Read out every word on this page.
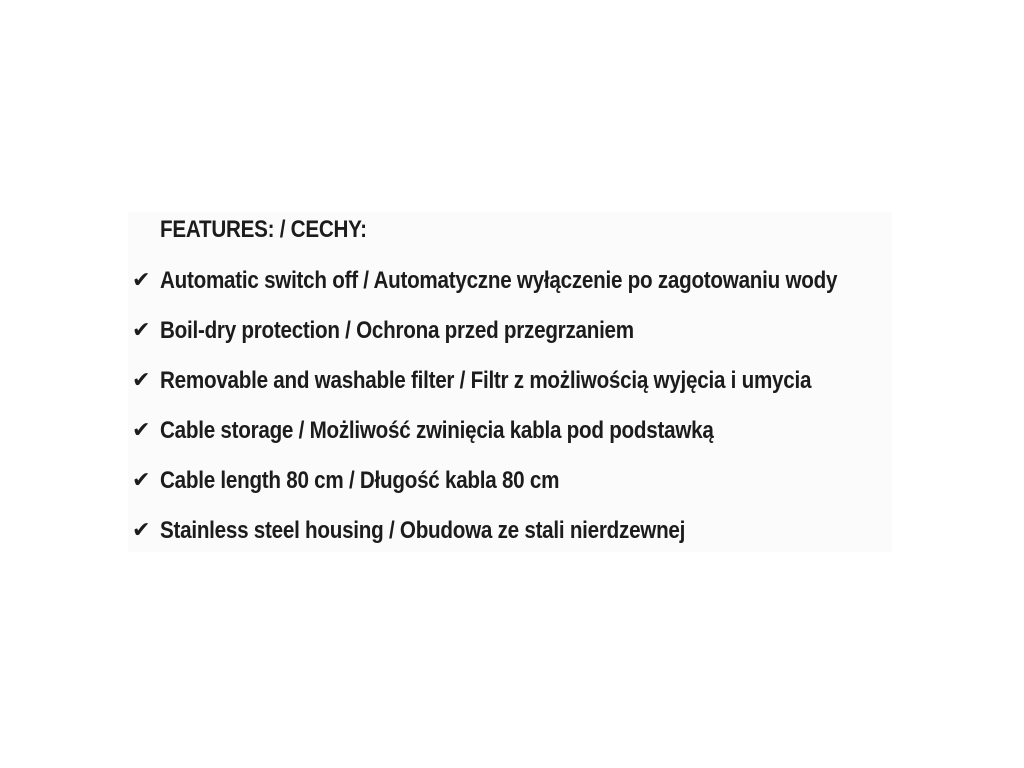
FEATURES: / CECHY:
✔ Automatic switch off / Automatyczne wyłączenie po zagotowaniu wody
✔ Boil-dry protection / Ochrona przed przegrzaniem
✔ Removable and washable filter / Filtr z możliwością wyjęcia i umycia
✔ Cable storage / Możliwość zwinięcia kabla pod podstawką
✔ Cable length 80 cm / Długość kabla 80 cm
✔ Stainless steel housing / Obudowa ze stali nierdzewnej
